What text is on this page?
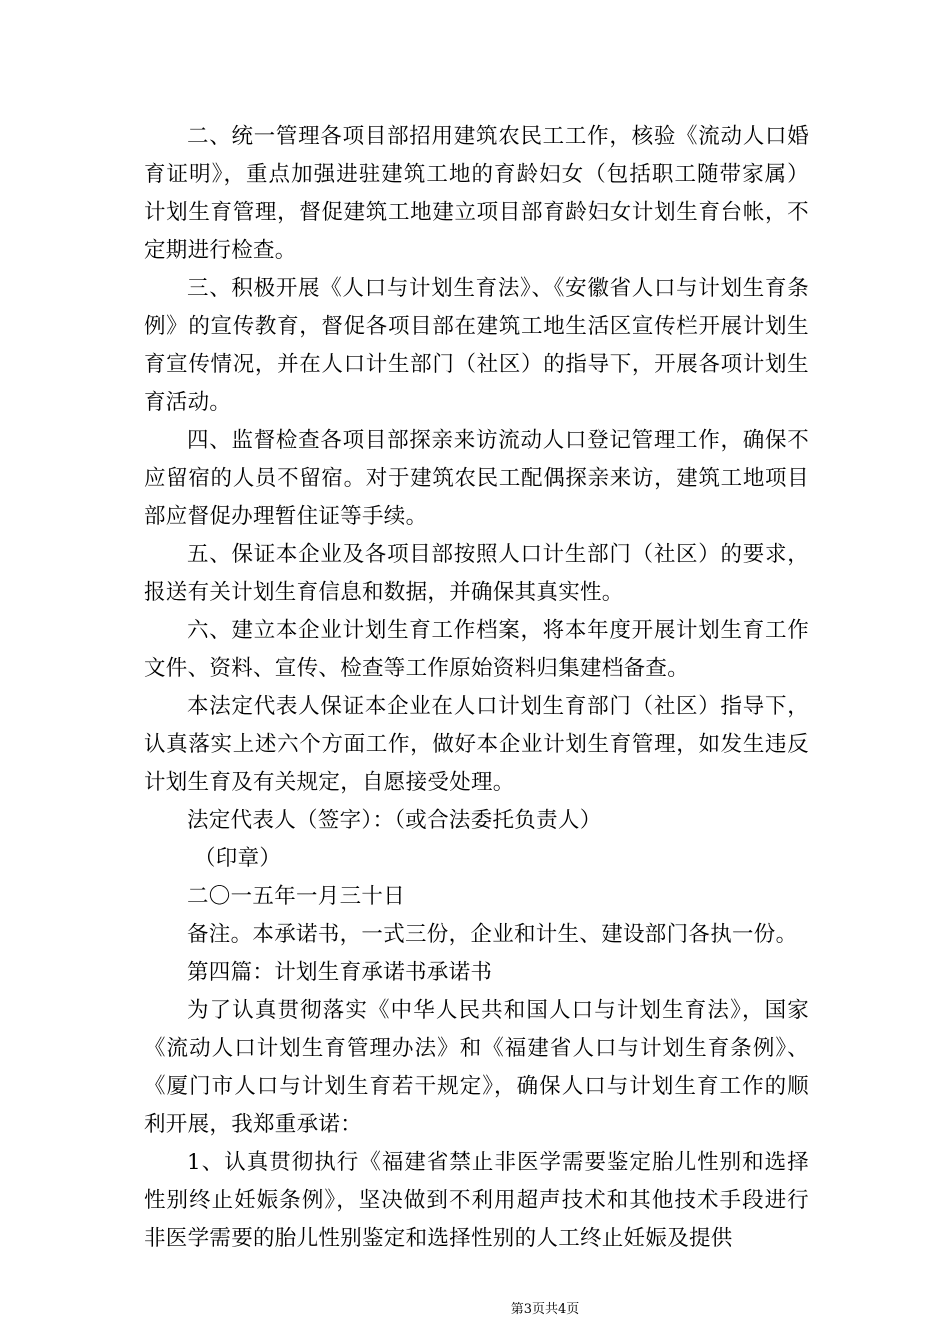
二、统一管理各项目部招用建筑农民工工作，核验《流动人口婚育证明》，重点加强进驻建筑工地的育龄妇女（包括职工随带家属）计划生育管理，督促建筑工地建立项目部育龄妇女计划生育台帐，不定期进行检查。

三、积极开展《人口与计划生育法》、《安徽省人口与计划生育条例》的宣传教育，督促各项目部在建筑工地生活区宣传栏开展计划生育宣传情况，并在人口计生部门（社区）的指导下，开展各项计划生育活动。

四、监督检查各项目部探亲来访流动人口登记管理工作，确保不应留宿的人员不留宿。对于建筑农民工配偶探亲来访，建筑工地项目部应督促办理暂住证等手续。

五、保证本企业及各项目部按照人口计生部门（社区）的要求，报送有关计划生育信息和数据，并确保其真实性。

六、建立本企业计划生育工作档案，将本年度开展计划生育工作文件、资料、宣传、检查等工作原始资料归集建档备查。

本法定代表人保证本企业在人口计划生育部门（社区）指导下，认真落实上述六个方面工作，做好本企业计划生育管理，如发生违反计划生育及有关规定，自愿接受处理。

法定代表人（签字）：（或合法委托负责人）

（印章）

二〇一五年一月三十日

备注。本承诺书，一式三份，企业和计生、建设部门各执一份。

第四篇：计划生育承诺书承诺书

为了认真贯彻落实《中华人民共和国人口与计划生育法》，国家《流动人口计划生育管理办法》和《福建省人口与计划生育条例》、《厦门市人口与计划生育若干规定》，确保人口与计划生育工作的顺利开展，我郑重承诺：

1、认真贯彻执行《福建省禁止非医学需要鉴定胎儿性别和选择性别终止妊娠条例》，坚决做到不利用超声技术和其他技术手段进行非医学需要的胎儿性别鉴定和选择性别的人工终止妊娠及提供

第3页共4页
